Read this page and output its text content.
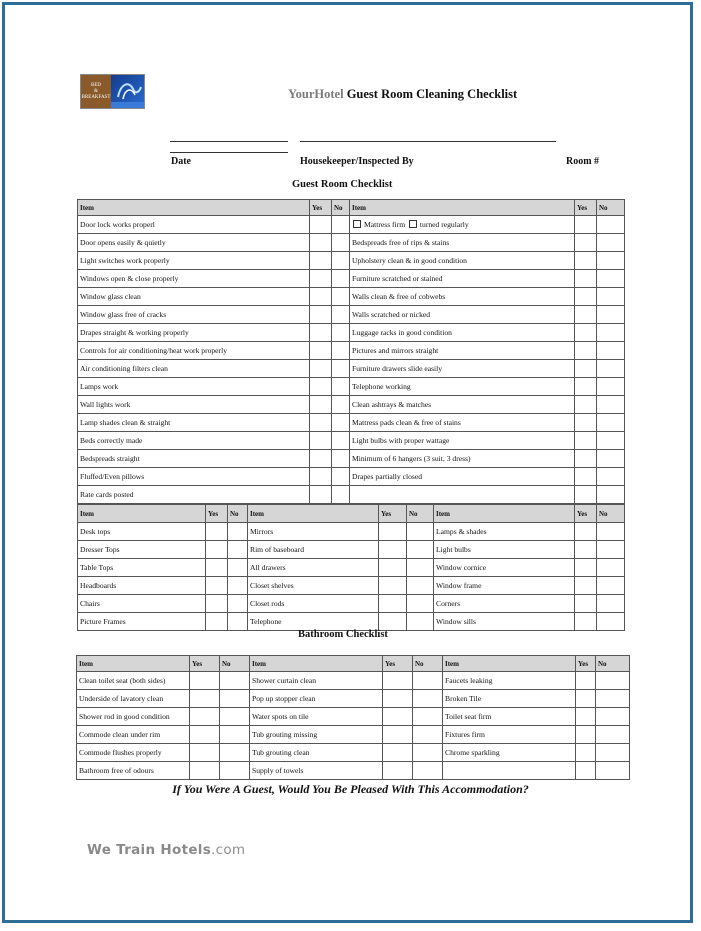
BED
&
BREAKFAST	YourHotel Guest Room Cleaning Checklist
Date	Housekeeper/Inspected By	Room #
Guest Room Checklist
Item	Yes	No	Item	Yes	No
Door lock works properl			Mattress firm turned regularly		
Door opens easily & quietly			Bedspreads free of rips & stains		
Light switches work properly			Upholstery clean & in good condition		
Windows open & close properly			Furniture scratched or stained		
Window glass clean			Walls clean & free of cobwebs		
Window glass free of cracks			Walls scratched or nicked		
Drapes straight & working properly			Luggage racks in good condition		
Controls for air conditioning/heat work properly			Pictures and mirrors straight		
Air conditioning filters clean			Furniture drawers slide easily		
Lamps work			Telephone working		
Wall lights work			Clean ashtrays & matches		
Lamp shades clean & straight			Mattress pads clean & free of stains		
Beds correctly made			Light bulbs with proper wattage		
Bedspreads straight			Minimum of 6 hangers (3 suit, 3 dress)		
Fluffed/Even pillows			Drapes partially closed		
Rate cards posted					
Item	Yes	No	Item	Yes	No	Item	Yes	No
Desk tops			Mirrors			Lamps & shades		
Dresser Tops			Rim of baseboard			Light bulbs		
Table Tops			All drawers			Window cornice		
Headboards			Closet shelves			Window frame		
Chairs			Closet rods			Corners		
Picture Frames			Telephone			Window sills		
Bathroom Checklist
Item	Yes	No	Item	Yes	No	Item	Yes	No
Clean toilet seat (both sides)			Shower curtain clean			Faucets leaking		
Underside of lavatory clean			Pop up stopper clean			Broken Tile		
Shower rod in good condition			Water spots on tile			Toilet seat firm		
Commode clean under rim			Tub grouting missing			Fixtures firm		
Commode flushes properly			Tub grouting clean			Chrome sparkling		
Bathroom free of odours			Supply of towels					
If You Were A Guest, Would You Be Pleased With This Accommodation?
We Train Hotels.com
